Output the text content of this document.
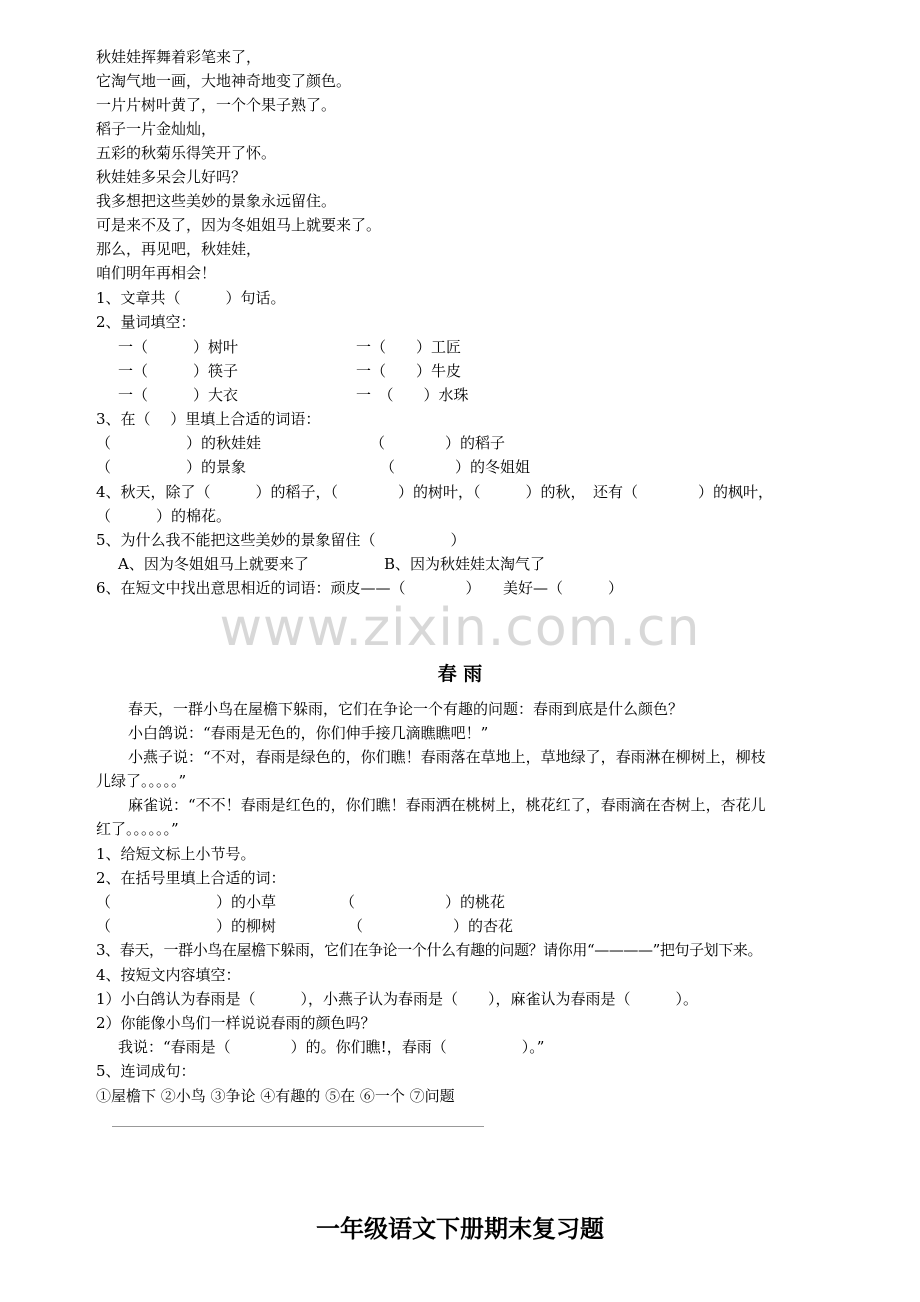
秋娃娃挥舞着彩笔来了，
它淘气地一画，大地神奇地变了颜色。
一片片树叶黄了，一个个果子熟了。
稻子一片金灿灿，
五彩的秋菊乐得笑开了怀。
秋娃娃多呆会儿好吗？
我多想把这些美妙的景象永远留住。
可是来不及了，因为冬姐姐马上就要来了。
那么，再见吧，秋娃娃，
咱们明年再相会！
1、文章共（　　　）句话。
2、量词填空：
一（　　　）树叶	一（　　）工匠
一（　　　）筷子	一（　　）牛皮
一（　　　）大衣	一　（　　）水珠
3、在（　 ）里填上合适的词语：
（　　　　　）的秋娃娃	（　　　　）的稻子
（　　　　　）的景象	（　　　　）的冬姐姐
4、秋天，除了（　　　）的稻子，（　　　　）的树叶，（　　　）的秋，　还有（　　　　）的枫叶，
（　　　）的棉花。
5、为什么我不能把这些美妙的景象留住（　　　　　）
A、因为冬姐姐马上就要来了	B、因为秋娃娃太淘气了
6、在短文中找出意思相近的词语：顽皮——（　　　　）　　美好—（　　　）
www.zixin.com.cn
春 雨
春天，一群小鸟在屋檐下躲雨，它们在争论一个有趣的问题：春雨到底是什么颜色？
小白鸽说：“春雨是无色的，你们伸手接几滴瞧瞧吧！”
小燕子说：“不对，春雨是绿色的，你们瞧！春雨落在草地上，草地绿了，春雨淋在柳树上，柳枝
儿绿了。。。。。”
麻雀说：“不不！春雨是红色的，你们瞧！春雨洒在桃树上，桃花红了，春雨滴在杏树上，杏花儿
红了。。。。。。”
1、给短文标上小节号。
2、在括号里填上合适的词：
（　　　　　　　）的小草	（　　　　　　）的桃花
（　　　　　　　）的柳树	（　　　　　　）的杏花
3、春天，一群小鸟在屋檐下躲雨，它们在争论一个什么有趣的问题？请你用“————”把句子划下来。
4、按短文内容填空：
1）小白鸽认为春雨是（　　　），小燕子认为春雨是（　　），麻雀认为春雨是（　　　）。
2）你能像小鸟们一样说说春雨的颜色吗？
我说：“春雨是（　　　　）的。你们瞧!，春雨（　　　　　）。”
5、连词成句：
①屋檐下 ②小鸟 ③争论 ④有趣的 ⑤在 ⑥一个 ⑦问题
一年级语文下册期末复习题
